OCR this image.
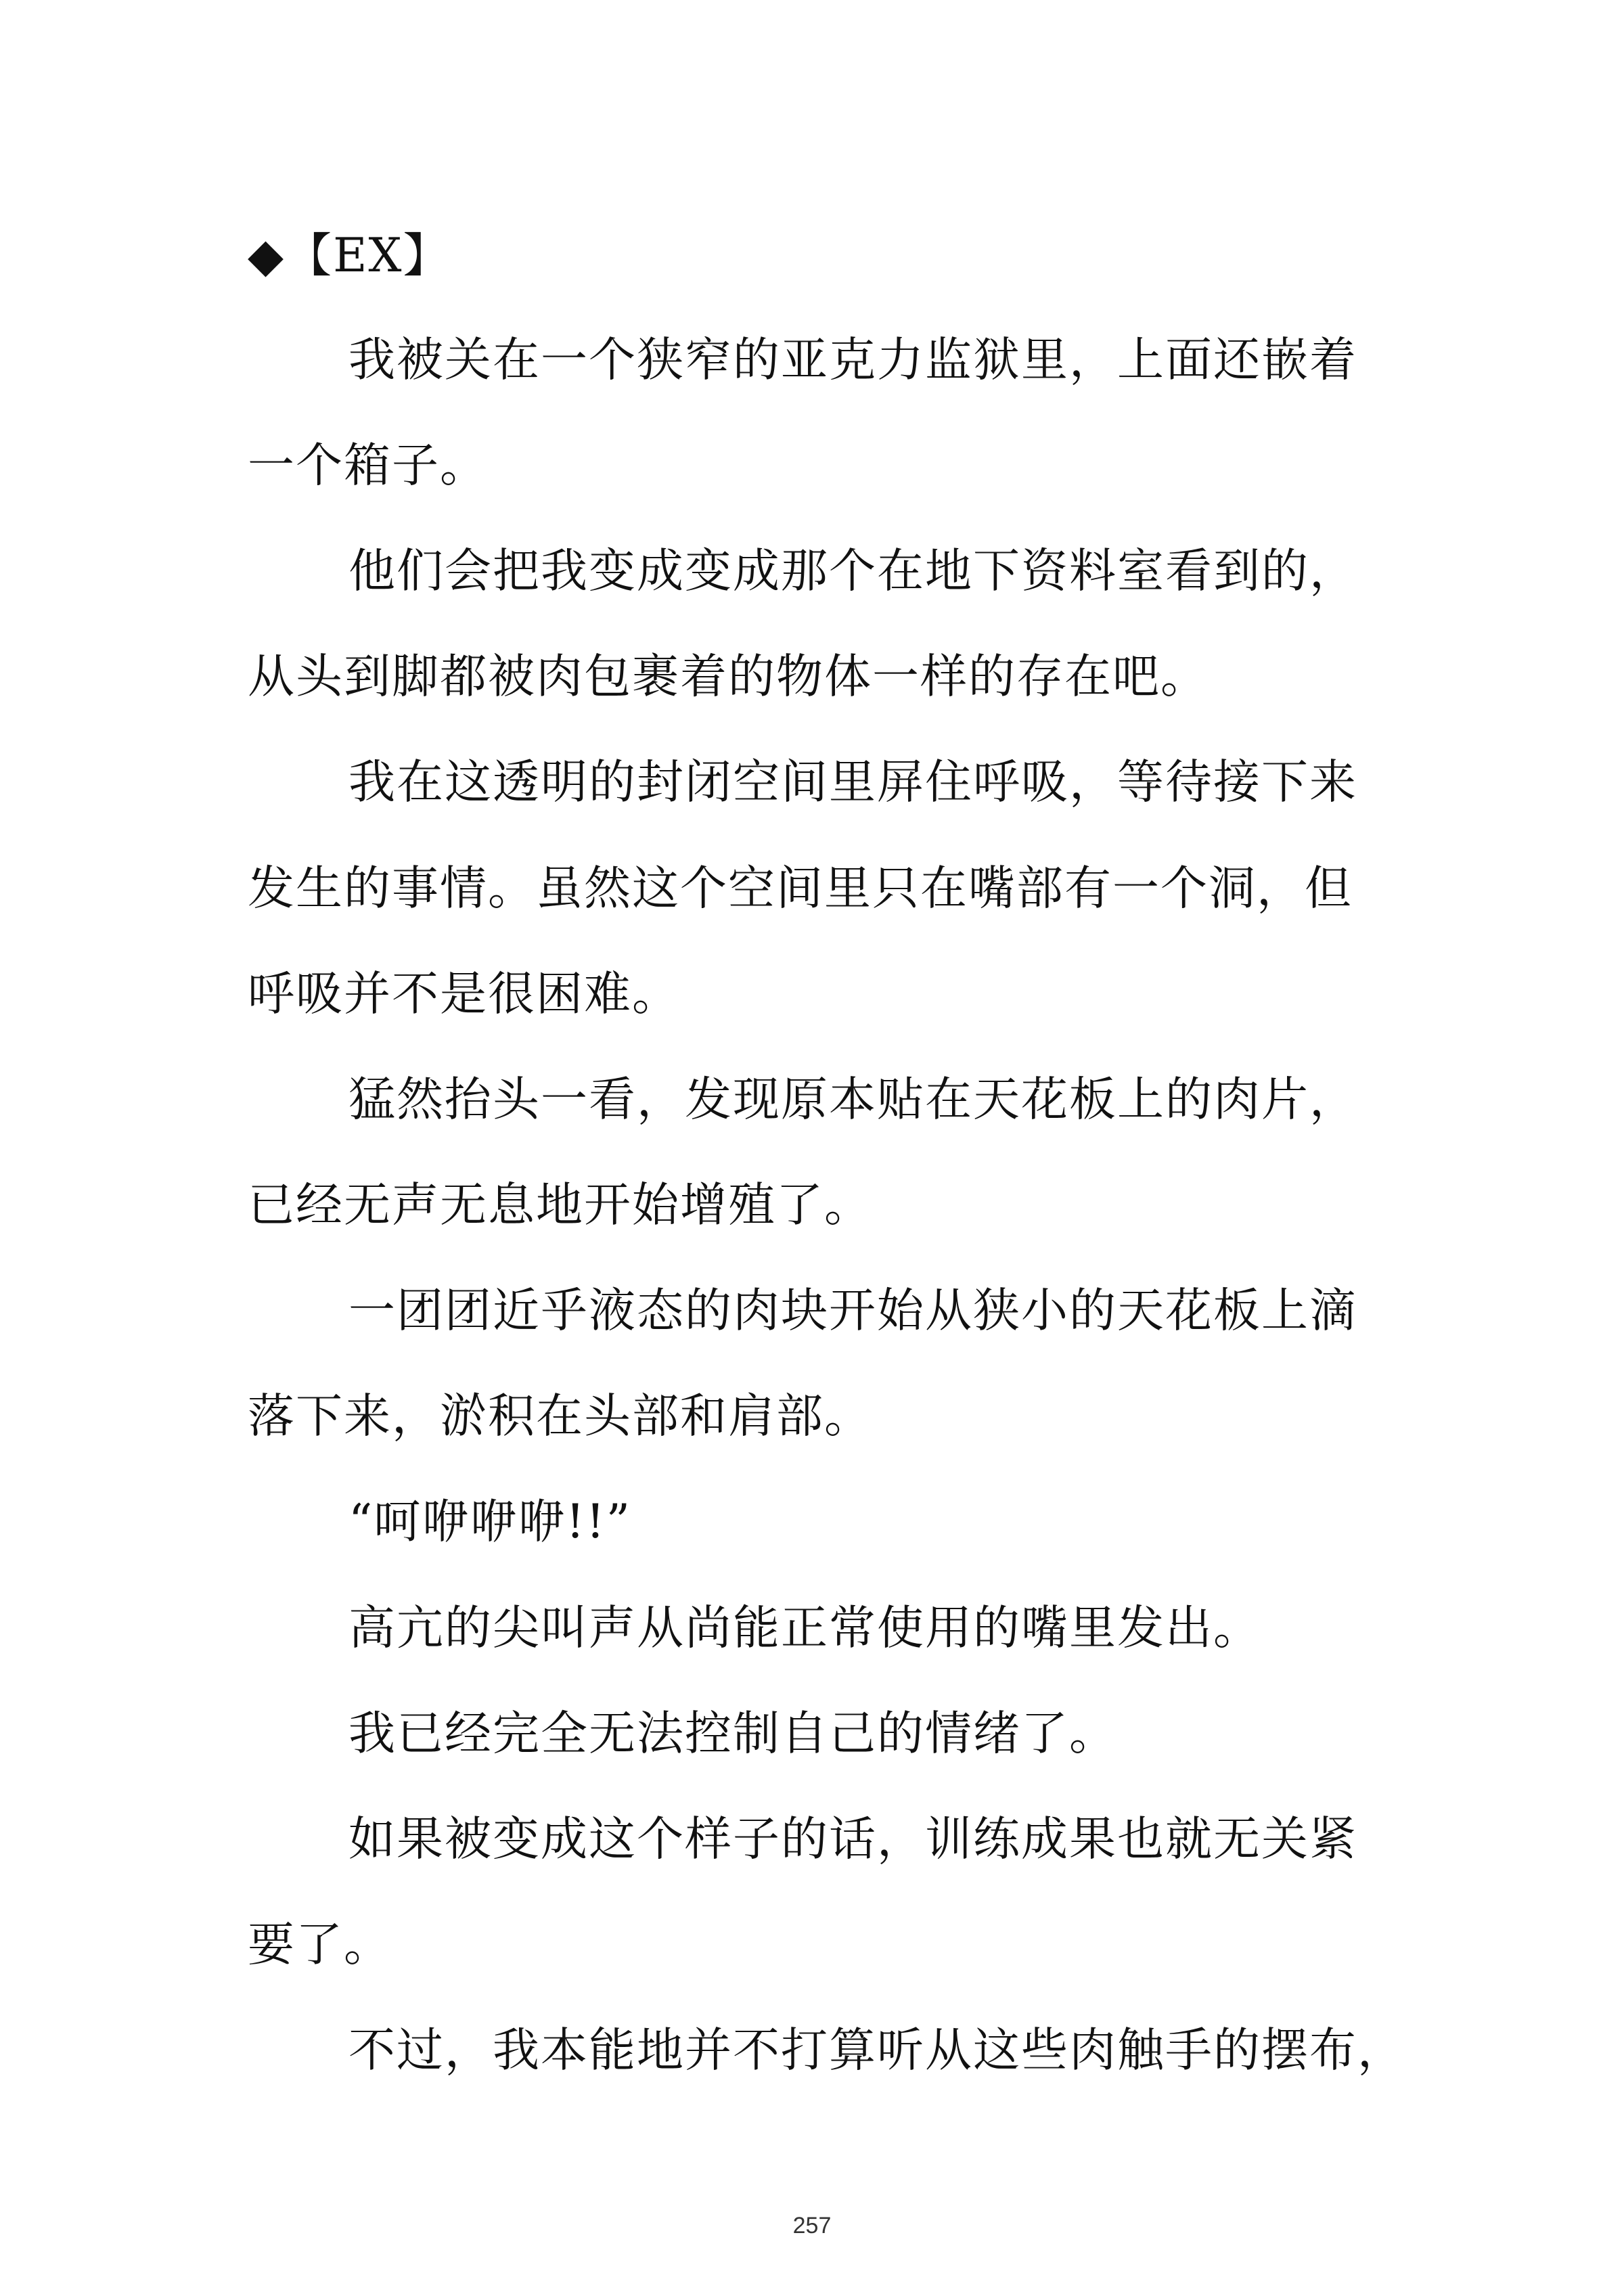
◆【EX】
我被关在一个狭窄的亚克力监狱里，上面还嵌着
一个箱子。
他们会把我变成变成那个在地下资料室看到的，
从头到脚都被肉包裹着的物体一样的存在吧。
我在这透明的封闭空间里屏住呼吸，等待接下来
发生的事情。虽然这个空间里只在嘴部有一个洞，但
呼吸并不是很困难。
猛然抬头一看，发现原本贴在天花板上的肉片，
已经无声无息地开始增殖了。
一团团近乎液态的肉块开始从狭小的天花板上滴
落下来，淤积在头部和肩部。
“呵咿咿咿!!”
高亢的尖叫声从尚能正常使用的嘴里发出。
我已经完全无法控制自己的情绪了。
如果被变成这个样子的话，训练成果也就无关紧
要了。
不过，我本能地并不打算听从这些肉触手的摆布，
257
